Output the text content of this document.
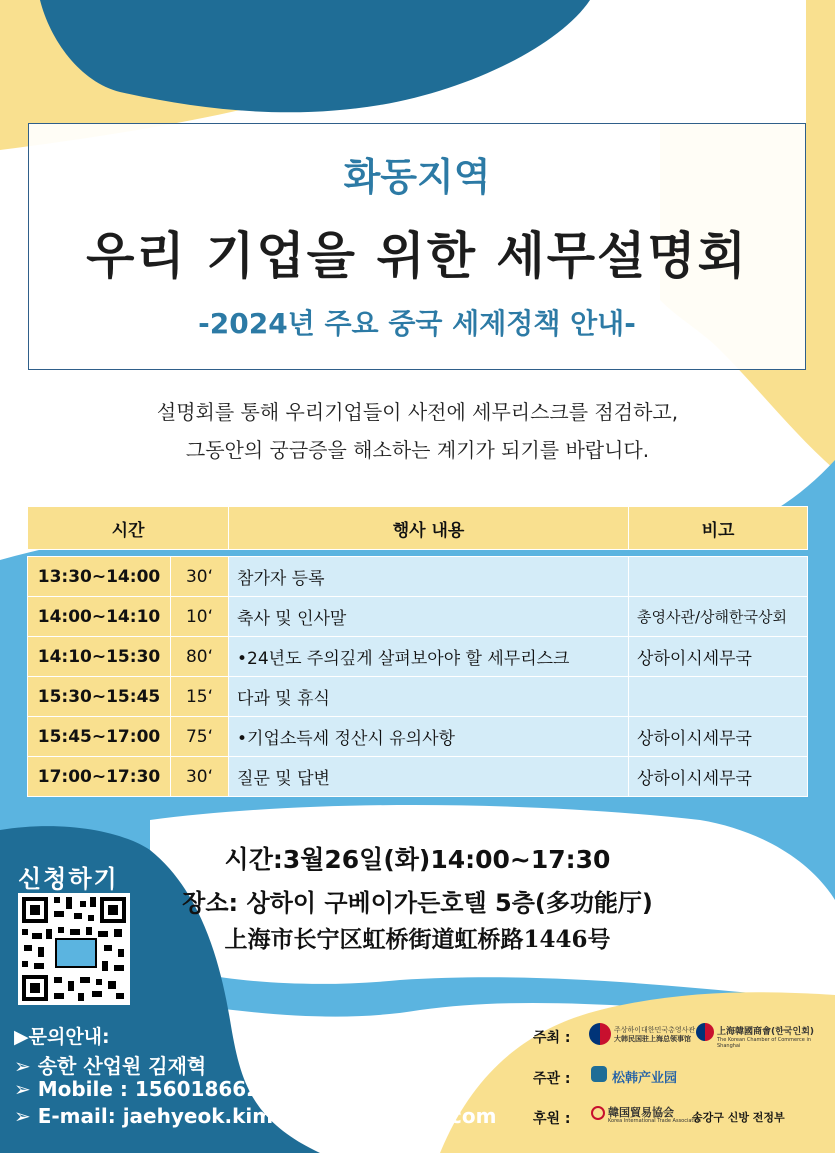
화동지역
우리 기업을 위한 세무설명회
-2024년 주요 중국 세제정책 안내-
설명회를 통해 우리기업들이 사전에 세무리스크를 점검하고,
그동안의 궁금증을 해소하는 계기가 되기를 바랍니다.
시간		행사 내용	비고

13:30~14:00	30‘	참가자 등록	
14:00~14:10	10‘	축사 및 인사말	총영사관/상해한국상회
14:10~15:30	80‘	•24년도 주의깊게 살펴보아야 할 세무리스크	상하이시세무국
15:30~15:45	15‘	다과 및 휴식	
15:45~17:00	75‘	•기업소득세 정산시 유의사항	상하이시세무국
17:00~17:30	30‘	질문 및 답변	상하이시세무국
시간:3월26일(화)14:00~17:30
장소: 상하이 구베이가든호텔 5층(多功能厅)
上海市长宁区虹桥街道虹桥路1446号
신청하기
▶문의안내:
➢ 송한 산업원 김재혁
➢ Mobile : 15601866207
➢ E-mail: jaehyeok.kim@songhanzone.com
주최 :	주상하이대한민국총영사관
大韩民国驻上海总领事馆
上海韓國商會(한국인회)
The Korean Chamber of Commerce in Shanghai
주관 :	松韩产业园
후원 :	韓国貿易協会
Korea International Trade Association
송강구 신방 전정부
